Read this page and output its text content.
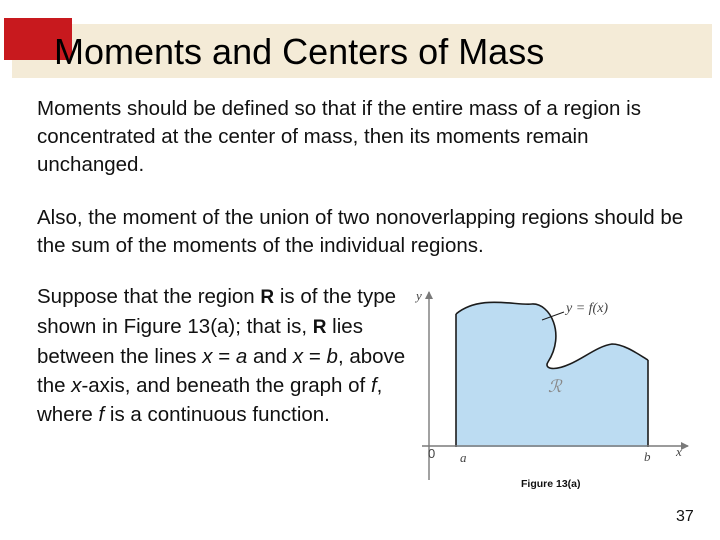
Moments and Centers of Mass

Moments should be defined so that if the entire mass of a region is concentrated at the center of mass, then its moments remain unchanged.

Also, the moment of the union of two nonoverlapping regions should be the sum of the moments of the individual regions.

Suppose that the region R is of the type shown in Figure 13(a); that is, R lies between the lines x = a and x = b, above the x-axis, and beneath the graph of f, where f is a continuous function.

y
x
y = f(x)
ℛ
0 a	b

Figure 13(a)

37
